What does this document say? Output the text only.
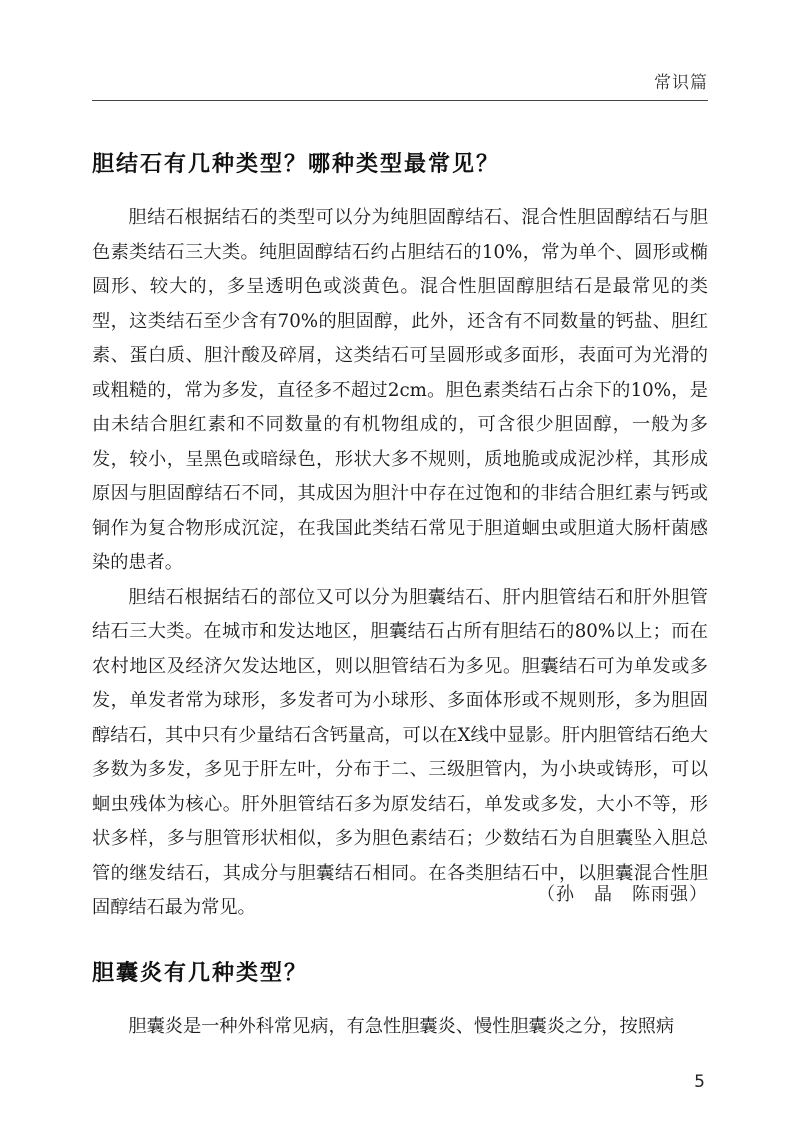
常识篇
胆结石有几种类型？哪种类型最常见？

胆结石根据结石的类型可以分为纯胆固醇结石、混合性胆固醇结石与胆色素类结石三大类。纯胆固醇结石约占胆结石的10%，常为单个、圆形或椭圆形、较大的，多呈透明色或淡黄色。混合性胆固醇胆结石是最常见的类型，这类结石至少含有70%的胆固醇，此外，还含有不同数量的钙盐、胆红素、蛋白质、胆汁酸及碎屑，这类结石可呈圆形或多面形，表面可为光滑的或粗糙的，常为多发，直径多不超过2cm。胆色素类结石占余下的10%，是由未结合胆红素和不同数量的有机物组成的，可含很少胆固醇，一般为多发，较小，呈黑色或暗绿色，形状大多不规则，质地脆或成泥沙样，其形成原因与胆固醇结石不同，其成因为胆汁中存在过饱和的非结合胆红素与钙或铜作为复合物形成沉淀，在我国此类结石常见于胆道蛔虫或胆道大肠杆菌感染的患者。

胆结石根据结石的部位又可以分为胆囊结石、肝内胆管结石和肝外胆管结石三大类。在城市和发达地区，胆囊结石占所有胆结石的80%以上；而在农村地区及经济欠发达地区，则以胆管结石为多见。胆囊结石可为单发或多发，单发者常为球形，多发者可为小球形、多面体形或不规则形，多为胆固醇结石，其中只有少量结石含钙量高，可以在X线中显影。肝内胆管结石绝大多数为多发，多见于肝左叶，分布于二、三级胆管内，为小块或铸形，可以蛔虫残体为核心。肝外胆管结石多为原发结石，单发或多发，大小不等，形状多样，多与胆管形状相似，多为胆色素结石；少数结石为自胆囊坠入胆总管的继发结石，其成分与胆囊结石相同。在各类胆结石中，以胆囊混合性胆固醇结石最为常见。

（孙　晶　陈雨强）
胆囊炎有几种类型？

胆囊炎是一种外科常见病，有急性胆囊炎、慢性胆囊炎之分，按照病

5
